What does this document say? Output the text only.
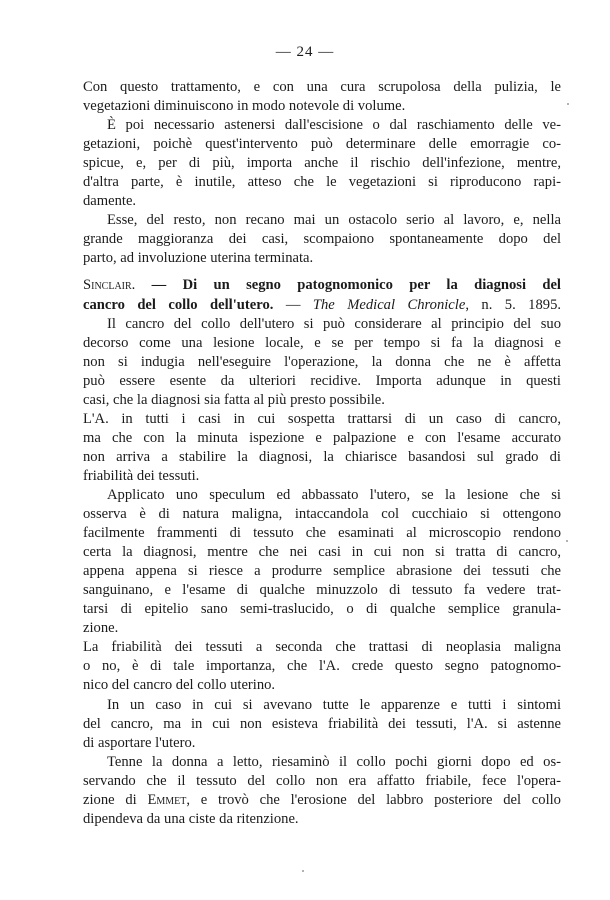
— 24 —
Con questo trattamento, e con una cura scrupolosa della pulizia, le
vegetazioni diminuiscono in modo notevole di volume.
È poi necessario astenersi dall'escisione o dal raschiamento delle ve-
getazioni, poichè quest'intervento può determinare delle emorragie co-
spicue, e, per di più, importa anche il rischio dell'infezione, mentre,
d'altra parte, è inutile, atteso che le vegetazioni si riproducono rapi-
damente.
Esse, del resto, non recano mai un ostacolo serio al lavoro, e, nella
grande maggioranza dei casi, scompaiono spontaneamente dopo del
parto, ad involuzione uterina terminata.
Sinclair. — Di un segno patognomonico per la diagnosi del
cancro del collo dell'utero. — The Medical Chronicle, n. 5. 1895.
Il cancro del collo dell'utero si può considerare al principio del suo
decorso come una lesione locale, e se per tempo si fa la diagnosi e
non si indugia nell'eseguire l'operazione, la donna che ne è affetta
può essere esente da ulteriori recidive. Importa adunque in questi
casi, che la diagnosi sia fatta al più presto possibile.
L'A. in tutti i casi in cui sospetta trattarsi di un caso di cancro,
ma che con la minuta ispezione e palpazione e con l'esame accurato
non arriva a stabilire la diagnosi, la chiarisce basandosi sul grado di
friabilità dei tessuti.
Applicato uno speculum ed abbassato l'utero, se la lesione che si
osserva è di natura maligna, intaccandola col cucchiaio si ottengono
facilmente frammenti di tessuto che esaminati al microscopio rendono
certa la diagnosi, mentre che nei casi in cui non si tratta di cancro,
appena appena si riesce a produrre semplice abrasione dei tessuti che
sanguinano, e l'esame di qualche minuzzolo di tessuto fa vedere trat-
tarsi di epitelio sano semi-traslucido, o di qualche semplice granula-
zione.
La friabilità dei tessuti a seconda che trattasi di neoplasia maligna
o no, è di tale importanza, che l'A. crede questo segno patognomo-
nico del cancro del collo uterino.
In un caso in cui si avevano tutte le apparenze e tutti i sintomi
del cancro, ma in cui non esisteva friabilità dei tessuti, l'A. si astenne
di asportare l'utero.
Tenne la donna a letto, riesaminò il collo pochi giorni dopo ed os-
servando che il tessuto del collo non era affatto friabile, fece l'opera-
zione di Emmet, e trovò che l'erosione del labbro posteriore del collo
dipendeva da una ciste da ritenzione.
